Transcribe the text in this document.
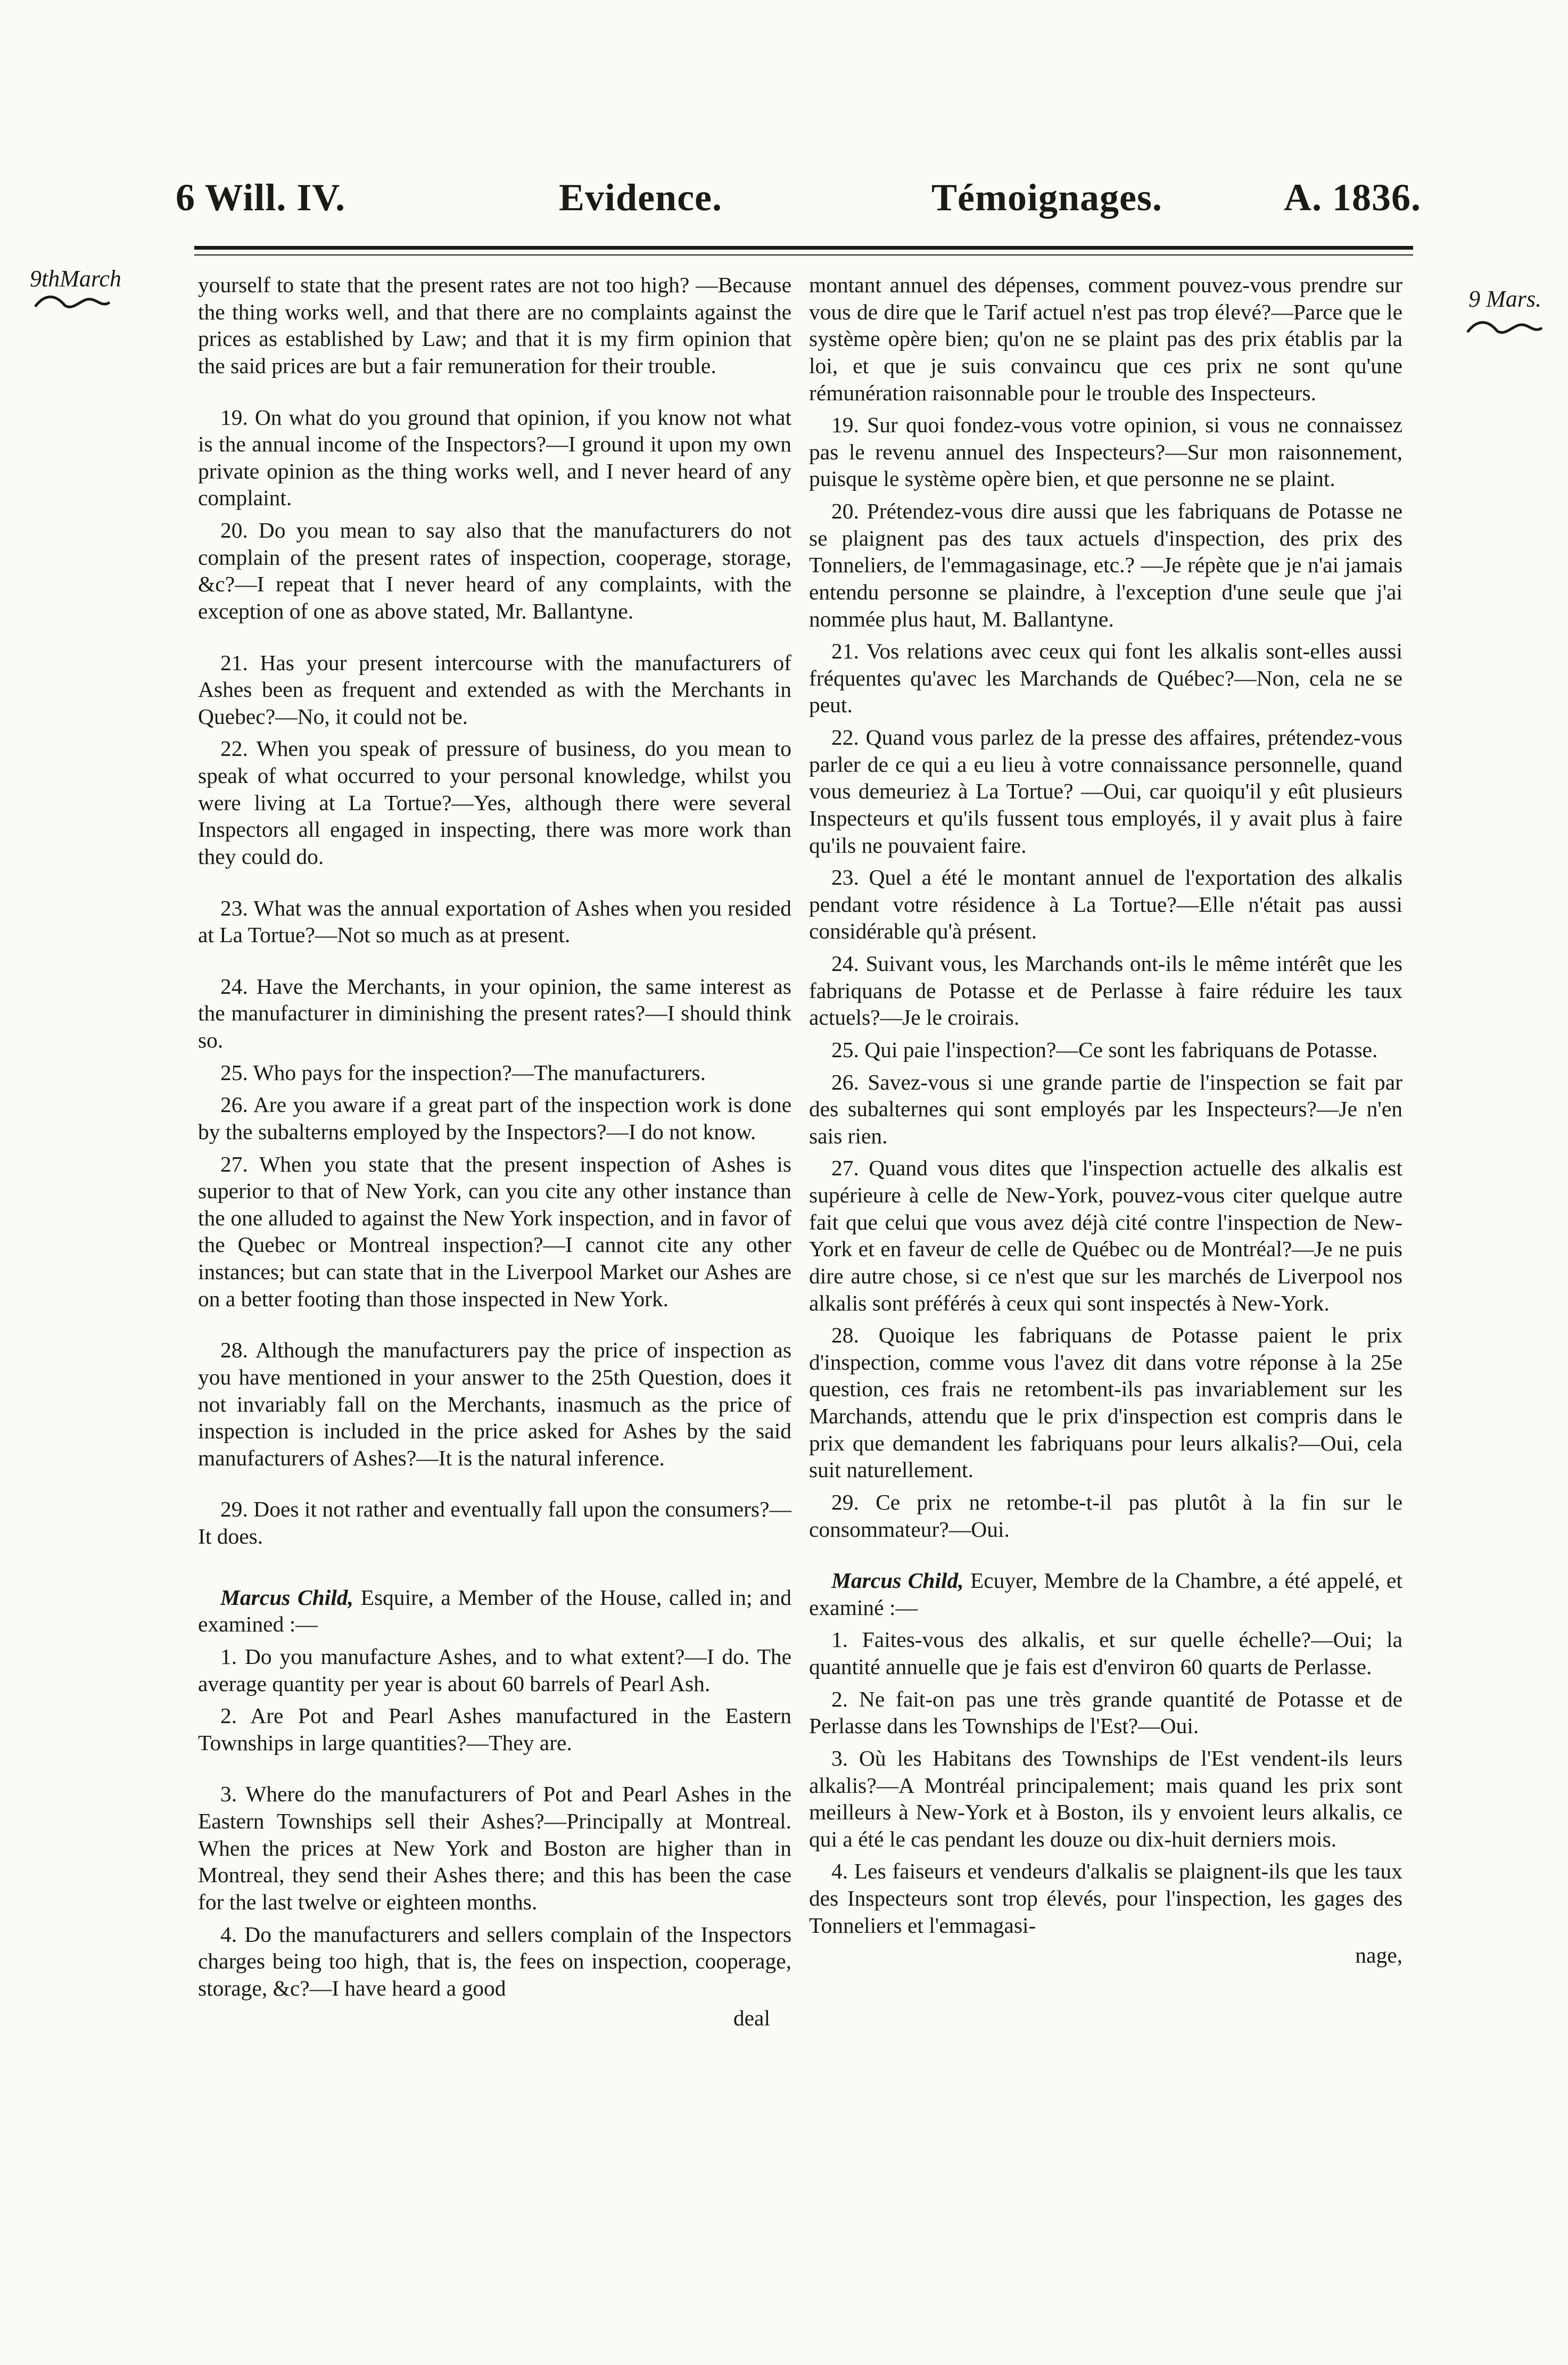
6 Will. IV.	Evidence.	Témoignages.	A. 1836.
9thMarch
9 Mars.

yourself to state that the present rates are not too high? —Because the thing works well, and that there are no complaints against the prices as established by Law; and that it is my firm opinion that the said prices are but a fair remuneration for their trouble.

19. On what do you ground that opinion, if you know not what is the annual income of the Inspectors?—I ground it upon my own private opinion as the thing works well, and I never heard of any complaint.

20. Do you mean to say also that the manufacturers do not complain of the present rates of inspection, cooperage, storage, &c?—I repeat that I never heard of any complaints, with the exception of one as above stated, Mr. Ballantyne.

21. Has your present intercourse with the manufacturers of Ashes been as frequent and extended as with the Merchants in Quebec?—No, it could not be.

22. When you speak of pressure of business, do you mean to speak of what occurred to your personal knowledge, whilst you were living at La Tortue?—Yes, although there were several Inspectors all engaged in inspecting, there was more work than they could do.

23. What was the annual exportation of Ashes when you resided at La Tortue?—Not so much as at present.

24. Have the Merchants, in your opinion, the same interest as the manufacturer in diminishing the present rates?—I should think so.

25. Who pays for the inspection?—The manufacturers.

26. Are you aware if a great part of the inspection work is done by the subalterns employed by the Inspectors?—I do not know.

27. When you state that the present inspection of Ashes is superior to that of New York, can you cite any other instance than the one alluded to against the New York inspection, and in favor of the Quebec or Montreal inspection?—I cannot cite any other instances; but can state that in the Liverpool Market our Ashes are on a better footing than those inspected in New York.

28. Although the manufacturers pay the price of inspection as you have mentioned in your answer to the 25th Question, does it not invariably fall on the Merchants, inasmuch as the price of inspection is included in the price asked for Ashes by the said manufacturers of Ashes?—It is the natural inference.

29. Does it not rather and eventually fall upon the consumers?—It does.

Marcus Child, Esquire, a Member of the House, called in; and examined :—

1. Do you manufacture Ashes, and to what extent?—I do. The average quantity per year is about 60 barrels of Pearl Ash.

2. Are Pot and Pearl Ashes manufactured in the Eastern Townships in large quantities?—They are.

3. Where do the manufacturers of Pot and Pearl Ashes in the Eastern Townships sell their Ashes?—Principally at Montreal. When the prices at New York and Boston are higher than in Montreal, they send their Ashes there; and this has been the case for the last twelve or eighteen months.

4. Do the manufacturers and sellers complain of the Inspectors charges being too high, that is, the fees on inspection, cooperage, storage, &c?—I have heard a good

deal

montant annuel des dépenses, comment pouvez-vous prendre sur vous de dire que le Tarif actuel n'est pas trop élevé?—Parce que le système opère bien; qu'on ne se plaint pas des prix établis par la loi, et que je suis convaincu que ces prix ne sont qu'une rémunération raisonnable pour le trouble des Inspecteurs.

19. Sur quoi fondez-vous votre opinion, si vous ne connaissez pas le revenu annuel des Inspecteurs?—Sur mon raisonnement, puisque le système opère bien, et que personne ne se plaint.

20. Prétendez-vous dire aussi que les fabriquans de Potasse ne se plaignent pas des taux actuels d'inspection, des prix des Tonneliers, de l'emmagasinage, etc.? —Je répète que je n'ai jamais entendu personne se plaindre, à l'exception d'une seule que j'ai nommée plus haut, M. Ballantyne.

21. Vos relations avec ceux qui font les alkalis sont-elles aussi fréquentes qu'avec les Marchands de Québec?—Non, cela ne se peut.

22. Quand vous parlez de la presse des affaires, prétendez-vous parler de ce qui a eu lieu à votre connaissance personnelle, quand vous demeuriez à La Tortue? —Oui, car quoiqu'il y eût plusieurs Inspecteurs et qu'ils fussent tous employés, il y avait plus à faire qu'ils ne pouvaient faire.

23. Quel a été le montant annuel de l'exportation des alkalis pendant votre résidence à La Tortue?—Elle n'était pas aussi considérable qu'à présent.

24. Suivant vous, les Marchands ont-ils le même intérêt que les fabriquans de Potasse et de Perlasse à faire réduire les taux actuels?—Je le croirais.

25. Qui paie l'inspection?—Ce sont les fabriquans de Potasse.

26. Savez-vous si une grande partie de l'inspection se fait par des subalternes qui sont employés par les Inspecteurs?—Je n'en sais rien.

27. Quand vous dites que l'inspection actuelle des alkalis est supérieure à celle de New-York, pouvez-vous citer quelque autre fait que celui que vous avez déjà cité contre l'inspection de New-York et en faveur de celle de Québec ou de Montréal?—Je ne puis dire autre chose, si ce n'est que sur les marchés de Liverpool nos alkalis sont préférés à ceux qui sont inspectés à New-York.

28. Quoique les fabriquans de Potasse paient le prix d'inspection, comme vous l'avez dit dans votre réponse à la 25e question, ces frais ne retombent-ils pas invariablement sur les Marchands, attendu que le prix d'inspection est compris dans le prix que demandent les fabriquans pour leurs alkalis?—Oui, cela suit naturellement.

29. Ce prix ne retombe-t-il pas plutôt à la fin sur le consommateur?—Oui.

Marcus Child, Ecuyer, Membre de la Chambre, a été appelé, et examiné :—

1. Faites-vous des alkalis, et sur quelle échelle?—Oui; la quantité annuelle que je fais est d'environ 60 quarts de Perlasse.

2. Ne fait-on pas une très grande quantité de Potasse et de Perlasse dans les Townships de l'Est?—Oui.

3. Où les Habitans des Townships de l'Est vendent-ils leurs alkalis?—A Montréal principalement; mais quand les prix sont meilleurs à New-York et à Boston, ils y envoient leurs alkalis, ce qui a été le cas pendant les douze ou dix-huit derniers mois.

4. Les faiseurs et vendeurs d'alkalis se plaignent-ils que les taux des Inspecteurs sont trop élevés, pour l'inspection, les gages des Tonneliers et l'emmagasi-

nage,
